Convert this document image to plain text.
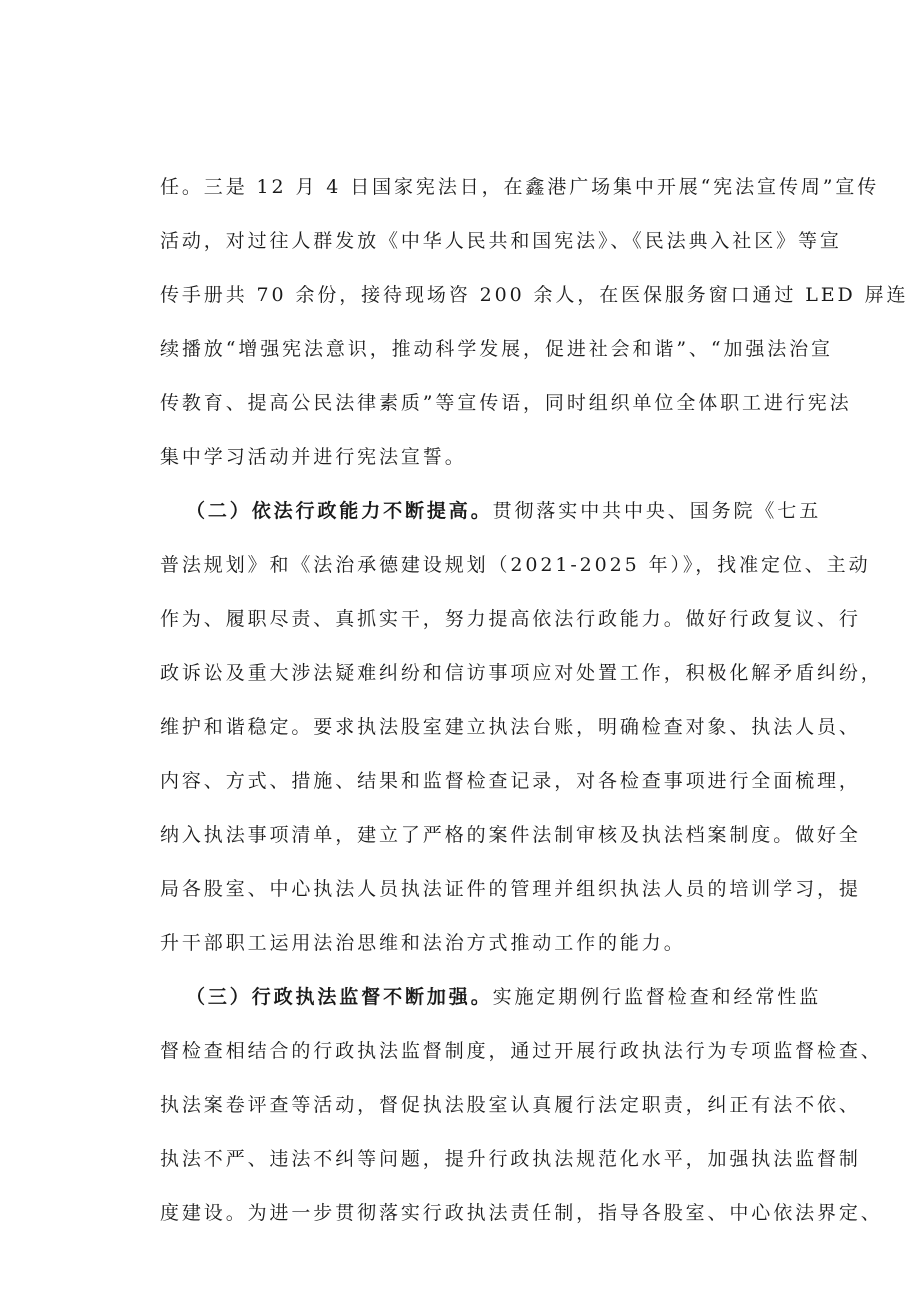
任。三是 12 月 4 日国家宪法日，在鑫港广场集中开展“宪法宣传周”宣传
活动，对过往人群发放《中华人民共和国宪法》、《民法典入社区》等宣
传手册共 70 余份，接待现场咨 200 余人，在医保服务窗口通过 LED 屏连
续播放“增强宪法意识，推动科学发展，促进社会和谐”、“加强法治宣
传教育、提高公民法律素质”等宣传语，同时组织单位全体职工进行宪法
集中学习活动并进行宪法宣誓。
（二）依法行政能力不断提高。贯彻落实中共中央、国务院《七五
普法规划》和《法治承德建设规划（2021-2025 年）》，找准定位、主动
作为、履职尽责、真抓实干，努力提高依法行政能力。做好行政复议、行
政诉讼及重大涉法疑难纠纷和信访事项应对处置工作，积极化解矛盾纠纷，
维护和谐稳定。要求执法股室建立执法台账，明确检查对象、执法人员、
内容、方式、措施、结果和监督检查记录，对各检查事项进行全面梳理，
纳入执法事项清单，建立了严格的案件法制审核及执法档案制度。做好全
局各股室、中心执法人员执法证件的管理并组织执法人员的培训学习，提
升干部职工运用法治思维和法治方式推动工作的能力。
（三）行政执法监督不断加强。实施定期例行监督检查和经常性监
督检查相结合的行政执法监督制度，通过开展行政执法行为专项监督检查、
执法案卷评查等活动，督促执法股室认真履行法定职责，纠正有法不依、
执法不严、违法不纠等问题，提升行政执法规范化水平，加强执法监督制
度建设。为进一步贯彻落实行政执法责任制，指导各股室、中心依法界定、
